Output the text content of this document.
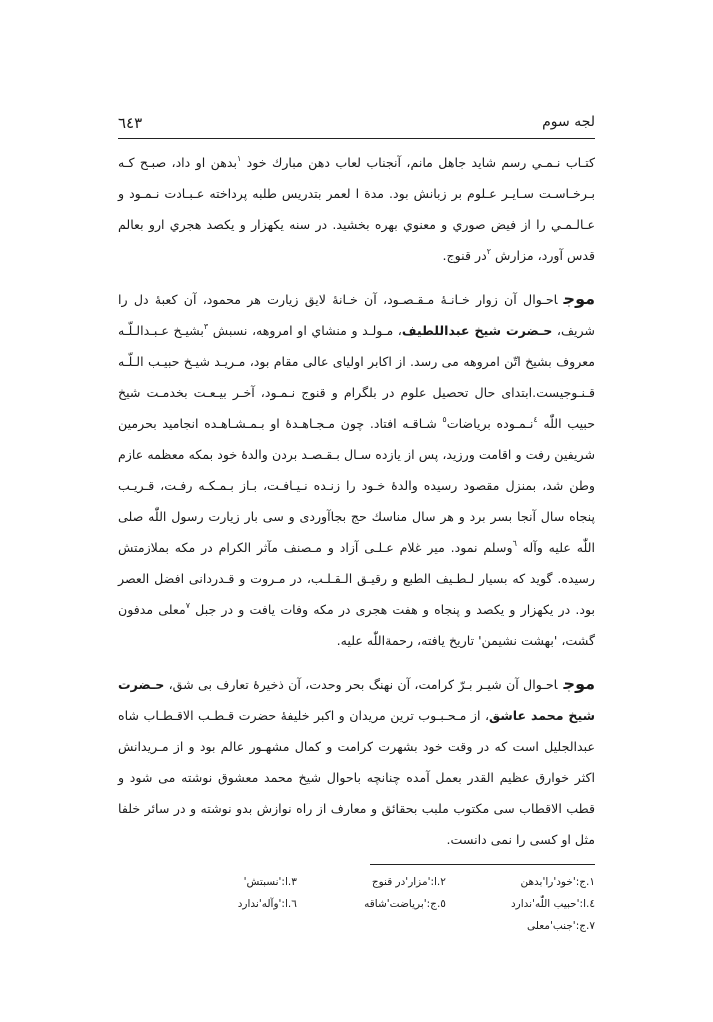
لجه سوم
٦٤٣

كتـاب نـمـي رسم شايد جاهل مانم، آنجناب لعاب دهن مبارك خود $^١$بدهن او داد، صبـح كـه بـرخـاسـت سـايـر عـلوم بر زبانش بود. مدة ا لعمر بتدريس طلبه پرداخته عـبـادت نـمـود و عـالـمـي را از فيض صوري و معنوي بهره بخشيد. در سنه يكهزار و يكصد هجري ارو بعالم قدس آورد، مزارش $^٢$در قنوج.

موجاحـوال آن زوار خـانـهٔ مـقـصـود، آن خـانهٔ لايق زيارت هر محمود، آن كعبهٔ دل را شريف، حـضرت شيخ عبداللطيف، مـولـد و منشاي او امروهه، نسبش $^٣$بشيـخ عـبـدالـلّـه معروف بشيخ اتّن امروهه مى رسد. از اكابر اولياى عالى مقام بود، مـريـد شيـخ حبيـب الـلّـه قـنـوجيست.ابتداى حال تحصيل علوم در بلگرام و قنوج نـمـود، آخـر بيـعـت بخدمـت شيخ حبيب اللّٰه $^٤$نـمـوده برياضات$^٥$ شـاقـه افتاد. چون مـجـاهـدهٔ او بـمـشـاهـده انجاميد بحرمين شريفين رفت و اقامت ورزيد، پس از يازده سـال بـقـصـد بردن والدهٔ خود بمكه معظمه عازم وطن شد، بمنزل مقصود رسيده والدهٔ خـود را زنـده نـيـافـت، بـاز بـمـكـه رفـت، قـريـب پنجاه سال آنجا بسر برد و هر سال مناسك حج بجاآوردى و سى بار زيارت رسول اللّٰه صلى اللّٰه عليه وآله $^٦$وسلم نمود. مير غلام عـلـى آزاد و مـصنف مآثر الكرام در مكه بملازمتش رسيده. گويد كه بسيار لـطـيف الطبع و رقيـق الـقـلـب، در مـروت و قـدردانى افضل العصر بود. در يكهزار و يكصد و پنجاه و هفت هجرى در مكه وفات يافت و در جبل $^٧$معلى مدفون گشت، 'بهشت نشيمن' تاريخ يافته، رحمةاللّٰه عليه.

موجاحـوال آن شيـر بـرّ كرامت، آن نهنگ بحر وحدت، آن ذخيرهٔ تعارف بى شق، حـضرت شيخ محمد عاشق، از مـحـبـوب ترين مريدان و اكبر خليفهٔ حضرت قـطـب الاقـطـاب شاه عبدالجليل است كه در وقت خود بشهرت كرامت و كمال مشهـور عالم بود و از مـريدانش اكثر خوارق عظيم القدر بعمل آمده چنانچه باحوال شيخ محمد معشوق نوشته مى شود و قطب الاقطاب سى مكتوب ملبب بحقائق و معارف از راه نوازش بدو نوشته و در سائر خلفا مثل او كسى را نمى دانست.

١.ج:'خود'را'بدهن
٢.ا:'مزار'در قنوج
٣.ا:'نسبتش'
٤.ا:'حبيب اللّٰه'ندارد
٥.ج:'برياضت'شاقه
٦.ا:'وآله'ندارد
٧.ج:'جنب'معلى
